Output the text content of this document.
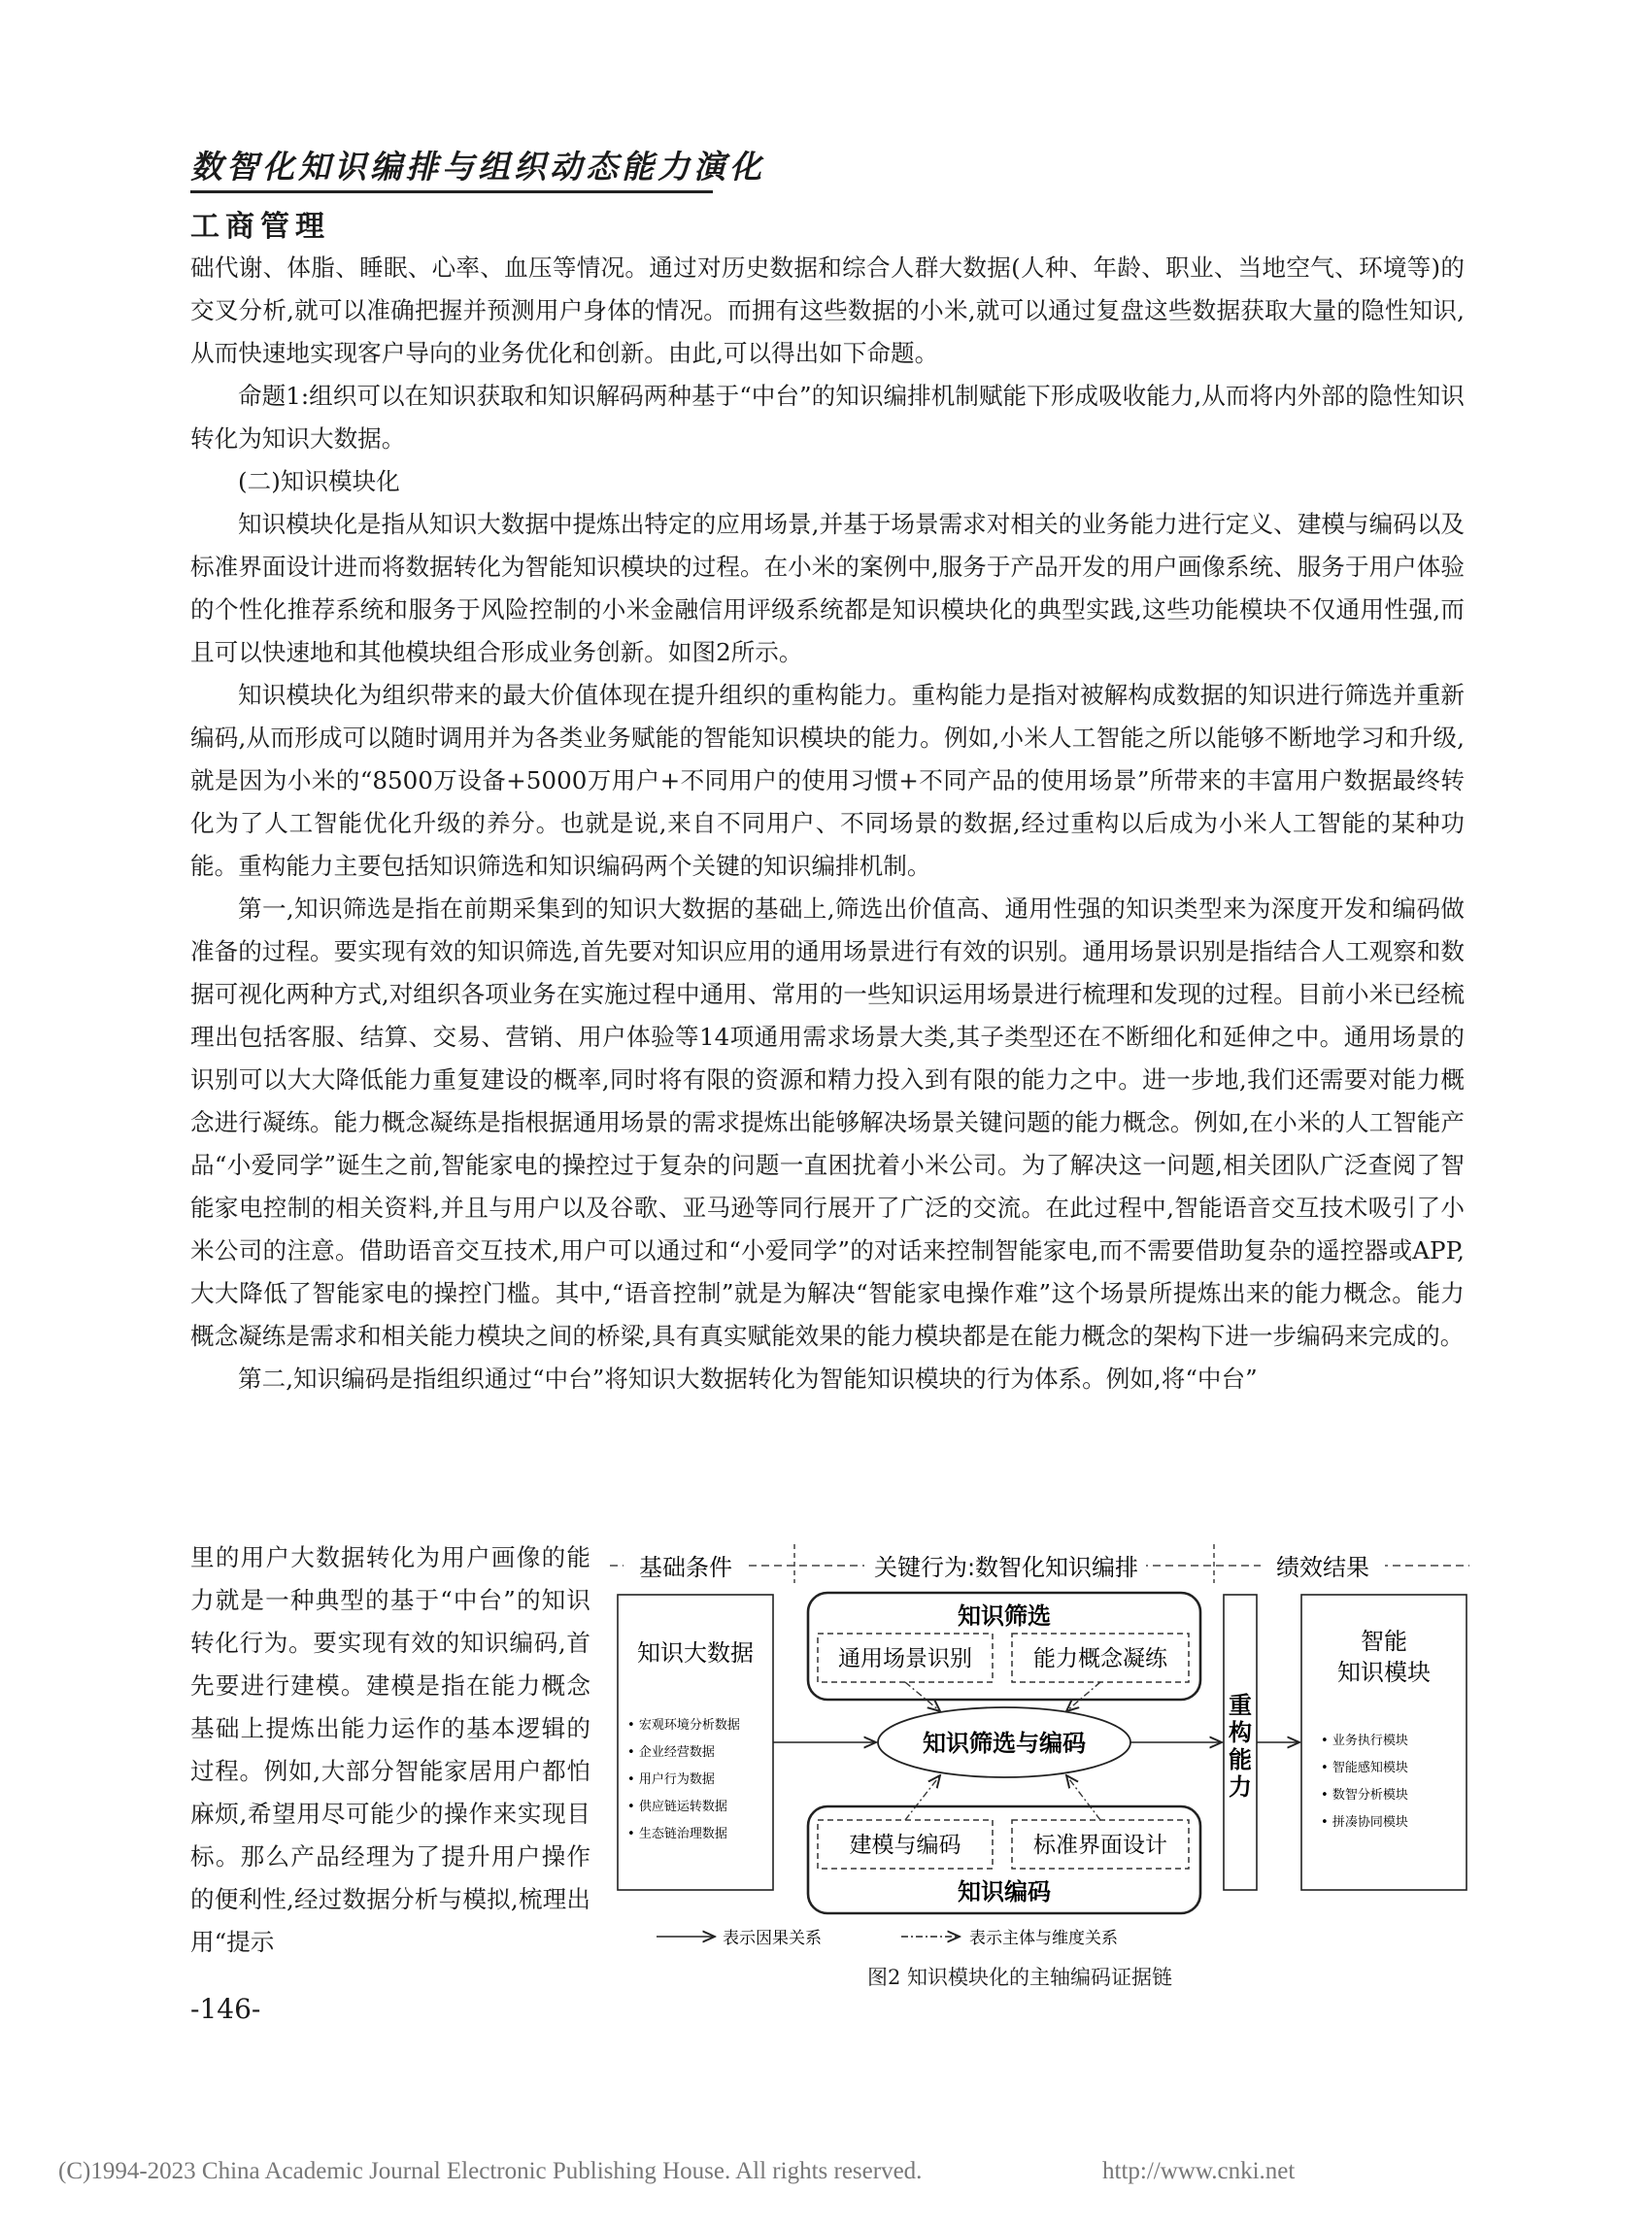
数智化知识编排与组织动态能力演化
工商管理

础代谢、体脂、睡眠、心率、血压等情况。通过对历史数据和综合人群大数据(人种、年龄、职业、当地空气、环境等)的交叉分析,就可以准确把握并预测用户身体的情况。而拥有这些数据的小米,就可以通过复盘这些数据获取大量的隐性知识,从而快速地实现客户导向的业务优化和创新。由此,可以得出如下命题。

命题1:组织可以在知识获取和知识解码两种基于“中台”的知识编排机制赋能下形成吸收能力,从而将内外部的隐性知识转化为知识大数据。

(二)知识模块化

知识模块化是指从知识大数据中提炼出特定的应用场景,并基于场景需求对相关的业务能力进行定义、建模与编码以及标准界面设计进而将数据转化为智能知识模块的过程。在小米的案例中,服务于产品开发的用户画像系统、服务于用户体验的个性化推荐系统和服务于风险控制的小米金融信用评级系统都是知识模块化的典型实践,这些功能模块不仅通用性强,而且可以快速地和其他模块组合形成业务创新。如图2所示。

知识模块化为组织带来的最大价值体现在提升组织的重构能力。重构能力是指对被解构成数据的知识进行筛选并重新编码,从而形成可以随时调用并为各类业务赋能的智能知识模块的能力。例如,小米人工智能之所以能够不断地学习和升级,就是因为小米的“8500万设备+5000万用户+不同用户的使用习惯+不同产品的使用场景”所带来的丰富用户数据最终转化为了人工智能优化升级的养分。也就是说,来自不同用户、不同场景的数据,经过重构以后成为小米人工智能的某种功能。重构能力主要包括知识筛选和知识编码两个关键的知识编排机制。

第一,知识筛选是指在前期采集到的知识大数据的基础上,筛选出价值高、通用性强的知识类型来为深度开发和编码做准备的过程。要实现有效的知识筛选,首先要对知识应用的通用场景进行有效的识别。通用场景识别是指结合人工观察和数据可视化两种方式,对组织各项业务在实施过程中通用、常用的一些知识运用场景进行梳理和发现的过程。目前小米已经梳理出包括客服、结算、交易、营销、用户体验等14项通用需求场景大类,其子类型还在不断细化和延伸之中。通用场景的识别可以大大降低能力重复建设的概率,同时将有限的资源和精力投入到有限的能力之中。进一步地,我们还需要对能力概念进行凝练。能力概念凝练是指根据通用场景的需求提炼出能够解决场景关键问题的能力概念。例如,在小米的人工智能产品“小爱同学”诞生之前,智能家电的操控过于复杂的问题一直困扰着小米公司。为了解决这一问题,相关团队广泛查阅了智能家电控制的相关资料,并且与用户以及谷歌、亚马逊等同行展开了广泛的交流。在此过程中,智能语音交互技术吸引了小米公司的注意。借助语音交互技术,用户可以通过和“小爱同学”的对话来控制智能家电,而不需要借助复杂的遥控器或APP,大大降低了智能家电的操控门槛。其中,“语音控制”就是为解决“智能家电操作难”这个场景所提炼出来的能力概念。能力概念凝练是需求和相关能力模块之间的桥梁,具有真实赋能效果的能力模块都是在能力概念的架构下进一步编码来完成的。

第二,知识编码是指组织通过“中台”将知识大数据转化为智能知识模块的行为体系。例如,将“中台”

里的用户大数据转化为用户画像的能力就是一种典型的基于“中台”的知识转化行为。要实现有效的知识编码,首先要进行建模。建模是指在能力概念基础上提炼出能力运作的基本逻辑的过程。例如,大部分智能家居用户都怕麻烦,希望用尽可能少的操作来实现目标。那么产品经理为了提升用户操作的便利性,经过数据分析与模拟,梳理出用“提示

基础条件	关键行为:数智化知识编排	绩效结果
知识大数据
• 宏观环境分析数据
• 企业经营数据
• 用户行为数据
• 供应链运转数据
• 生态链治理数据
知识筛选
通用场景识别	能力概念凝练
知识筛选与编码
建模与编码	标准界面设计
知识编码
重
构
能
力
智能
知识模块
• 业务执行模块
• 智能感知模块
• 数智分析模块
• 拼凑协同模块
表示因果关系	表示主体与维度关系
图2 知识模块化的主轴编码证据链
-146-
(C)1994-2023 China Academic Journal Electronic Publishing House. All rights reserved.	http://www.cnki.net
